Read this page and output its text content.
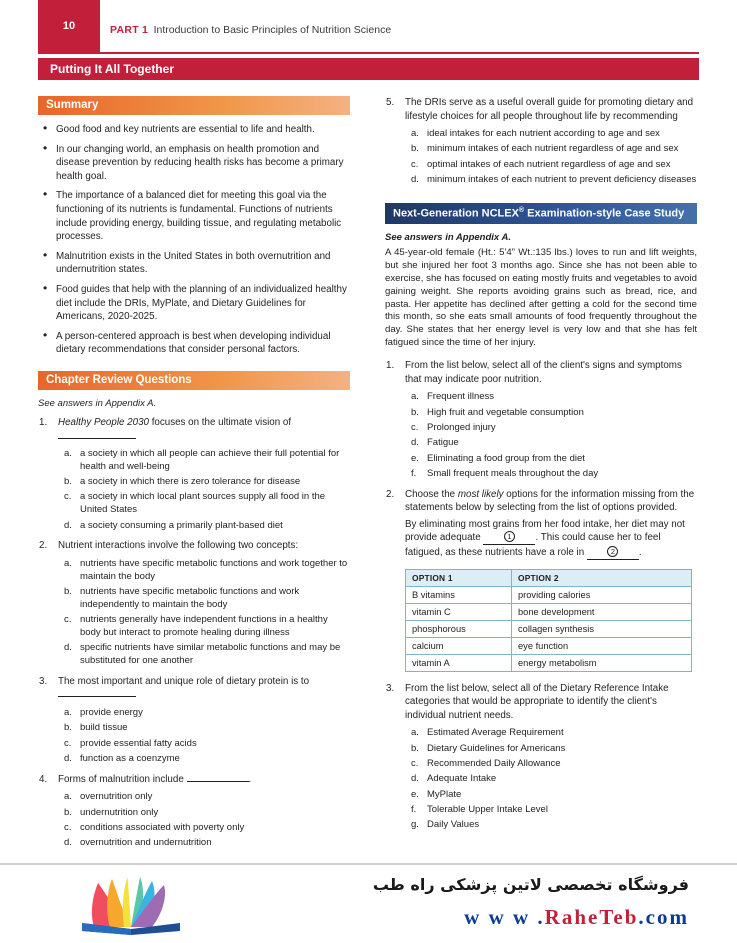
10	PART 1 Introduction to Basic Principles of Nutrition Science
Putting It All Together
Summary
• Good food and key nutrients are essential to life and health.
• In our changing world, an emphasis on health promotion and disease prevention by reducing health risks has become a primary health goal.
• The importance of a balanced diet for meeting this goal via the functioning of its nutrients is fundamental. Functions of nutrients include providing energy, building tissue, and regulating metabolic processes.
• Malnutrition exists in the United States in both overnutrition and undernutrition states.
• Food guides that help with the planning of an individualized healthy diet include the DRIs, MyPlate, and Dietary Guidelines for Americans, 2020-2025.
• A person-centered approach is best when developing individual dietary recommendations that consider personal factors.
Chapter Review Questions

See answers in Appendix A.

Healthy People 2030 focuses on the ultimate vision of

a society in which all people can achieve their full potential for health and well-being
a society in which there is zero tolerance for disease
a society in which local plant sources supply all food in the United States
a society consuming a primarily plant-based diet
Nutrient interactions involve the following two concepts:
nutrients have specific metabolic functions and work together to maintain the body
nutrients have specific metabolic functions and work independently to maintain the body
nutrients generally have independent functions in a healthy body but interact to promote healing during illness
specific nutrients have similar metabolic functions and may be substituted for one another
The most important and unique role of dietary protein is to

provide energy
build tissue
provide essential fatty acids
function as a coenzyme
Forms of malnutrition include	.
overnutrition only
undernutrition only
conditions associated with poverty only
overnutrition and undernutrition
5. The DRIs serve as a useful overall guide for promoting dietary and lifestyle choices for all people throughout life by recommending
ideal intakes for each nutrient according to age and sex
minimum intakes of each nutrient regardless of age and sex
optimal intakes of each nutrient regardless of age and sex
minimum intakes of each nutrient to prevent deficiency diseases
Next-Generation NCLEX® Examination-style Case Study

See answers in Appendix A.

A 45-year-old female (Ht.: 5'4" Wt.:135 lbs.) loves to run and lift weights, but she injured her foot 3 months ago. Since she has not been able to exercise, she has focused on eating mostly fruits and vegetables to avoid gaining weight. She reports avoiding grains such as bread, rice, and pasta. Her appetite has declined after getting a cold for the second time this month, so she eats small amounts of food frequently throughout the day. She states that her energy level is very low and that she has felt fatigued since the time of her injury.

1. From the list below, select all of the client's signs and symptoms that may indicate poor nutrition.
Frequent illness
High fruit and vegetable consumption
Prolonged injury
Fatigue
Eliminating a food group from the diet
Small frequent meals throughout the day
2. Choose the most likely options for the information missing from the statements below by selecting from the list of options provided.
By eliminating most grains from her food intake, her diet may not provide adequate	1 . This could cause her to feel fatigued, as these nutrients have a role in	2 .
OPTION 1	OPTION 2
B vitamins	providing calories
vitamin C	bone development
phosphorous	collagen synthesis
calcium	eye function
vitamin A	energy metabolism
3. From the list below, select all of the Dietary Reference Intake categories that would be appropriate to identify the client's individual nutrient needs.
Estimated Average Requirement
Dietary Guidelines for Americans
Recommended Daily Allowance
Adequate Intake
MyPlate
Tolerable Upper Intake Level
Daily Values
فروشگاه تخصصی لاتین پزشکی راه طب
w w w .RaheTeb.com
